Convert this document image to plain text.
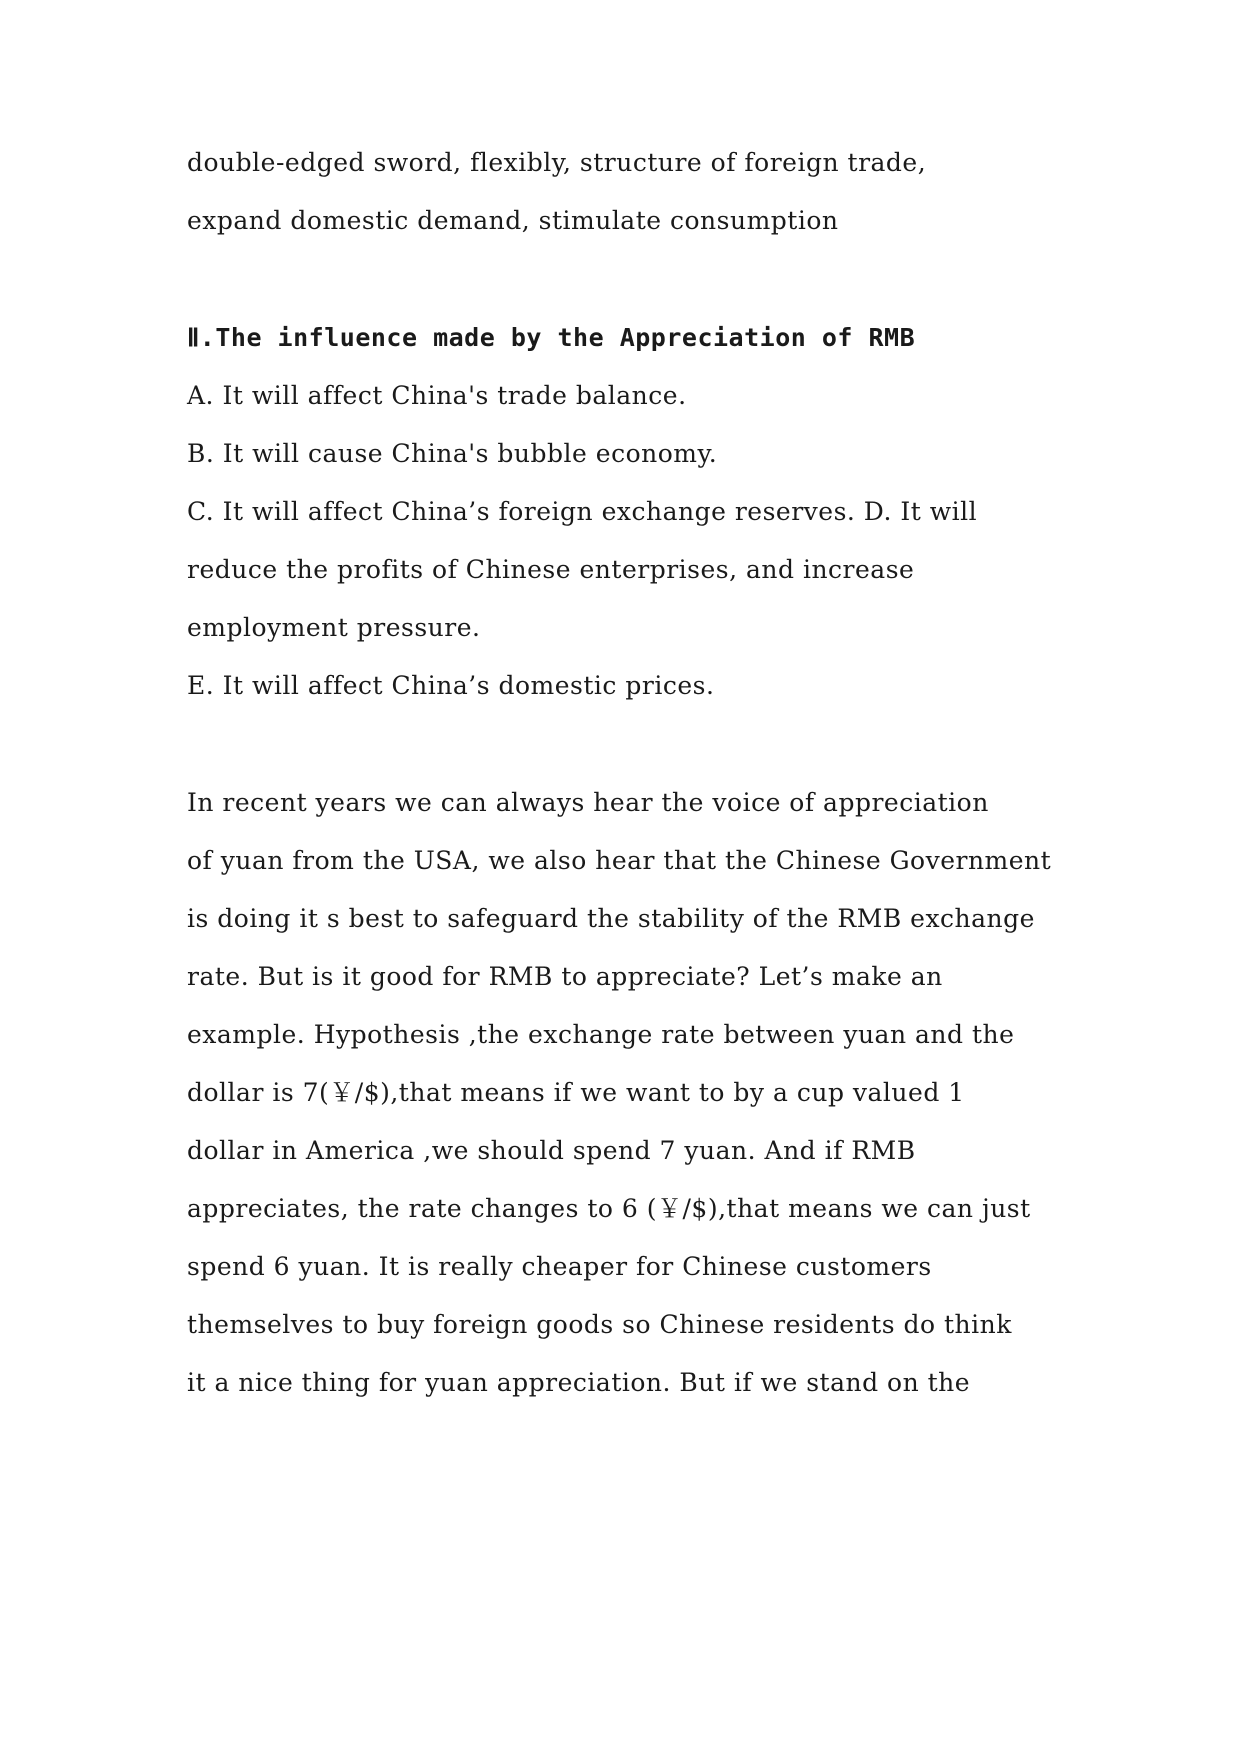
double-edged sword, flexibly, structure of foreign trade,
expand domestic demand, stimulate consumption
Ⅱ.The influence made by the Appreciation of RMB
A. It will affect China's trade balance.
B. It will cause China's bubble economy.
C. It will affect China’s foreign exchange reserves. D. It will
reduce the profits of Chinese enterprises, and increase
employment pressure.
E. It will affect China’s domestic prices.
In recent years we can always hear the voice of appreciation
of yuan from the USA, we also hear that the Chinese Government
is doing it s best to safeguard the stability of the RMB exchange
rate. But is it good for RMB to appreciate? Let’s make an
example. Hypothesis ,the exchange rate between yuan and the
dollar is 7(￥/$),that means if we want to by a cup valued 1
dollar in America ,we should spend 7 yuan. And if RMB
appreciates, the rate changes to 6 (￥/$),that means we can just
spend 6 yuan. It is really cheaper for Chinese customers
themselves to buy foreign goods so Chinese residents do think
it a nice thing for yuan appreciation. But if we stand on the
